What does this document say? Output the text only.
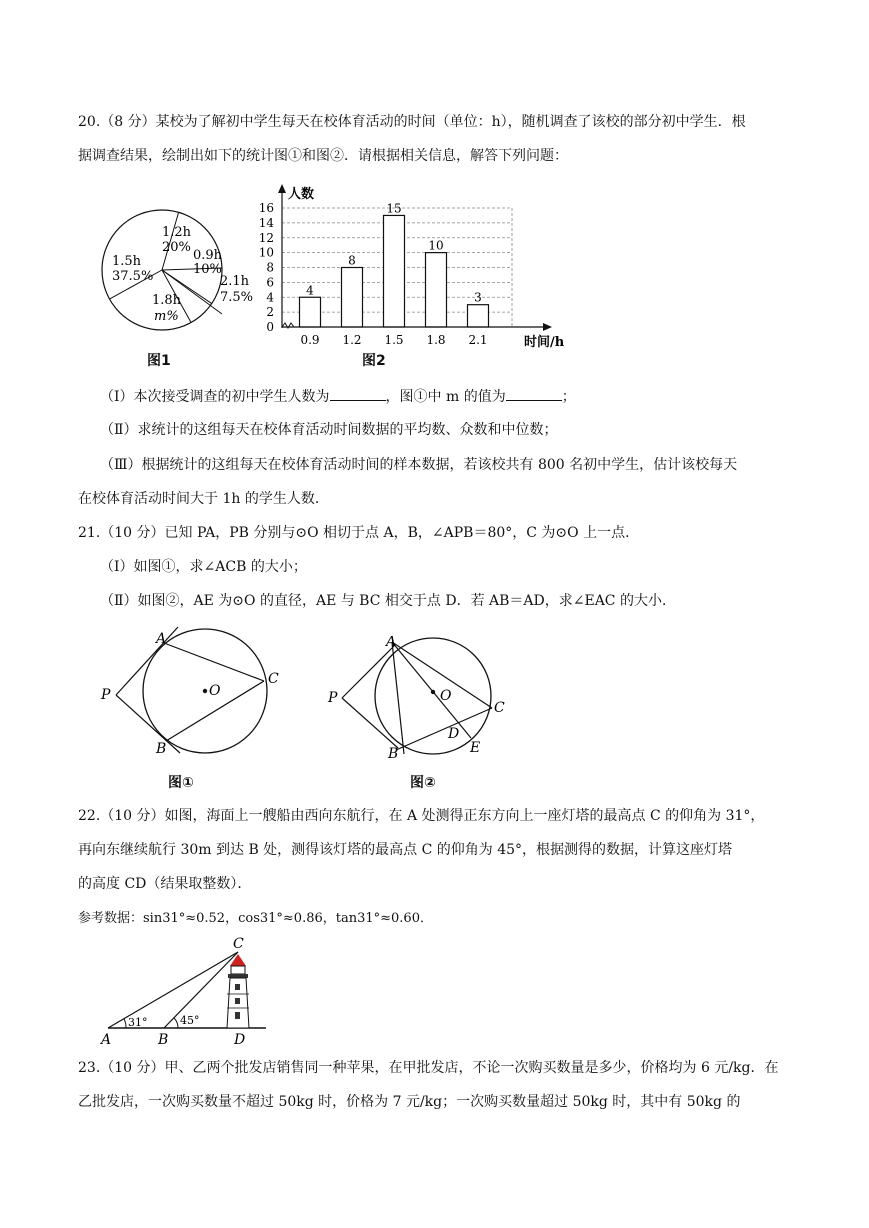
20.（8 分）某校为了解初中学生每天在校体育活动的时间（单位：h），随机调查了该校的部分初中学生．根
据调查结果，绘制出如下的统计图①和图②．请根据相关信息，解答下列问题：
1.2h
20%
0.9h
10%
2.1h
7.5%
1.8h
m%
1.5h
37.5%
图1
4
8
15
10
3
0
2
4
6
8
10
12
14
16
0.9 1.2 1.5 1.8 2.1
人数
时间/h
图2
（Ⅰ）本次接受调查的初中学生人数为	，图①中 m 的值为	；
（Ⅱ）求统计的这组每天在校体育活动时间数据的平均数、众数和中位数；
（Ⅲ）根据统计的这组每天在校体育活动时间的样本数据，若该校共有 800 名初中学生，估计该校每天
在校体育活动时间大于 1h 的学生人数．
21.（10 分）已知 PA，PB 分别与⊙O 相切于点 A，B，∠APB＝80°，C 为⊙O 上一点．
（Ⅰ）如图①，求∠ACB 的大小；
（Ⅱ）如图②，AE 为⊙O 的直径，AE 与 BC 相交于点 D．若 AB＝AD，求∠EAC 的大小．
A
B
C
P	O
图①
A
B
C
P	O
D
E
图②
22.（10 分）如图，海面上一艘船由西向东航行，在 A 处测得正东方向上一座灯塔的最高点 C 的仰角为 31°，
再向东继续航行 30m 到达 B 处，测得该灯塔的最高点 C 的仰角为 45°，根据测得的数据，计算这座灯塔
的高度 CD（结果取整数）．
参考数据：sin31°≈0.52，cos31°≈0.86，tan31°≈0.60．
C
A	B	D
31°	45°
23.（10 分）甲、乙两个批发店销售同一种苹果，在甲批发店，不论一次购买数量是多少，价格均为 6 元/kg．在
乙批发店，一次购买数量不超过 50kg 时，价格为 7 元/kg；一次购买数量超过 50kg 时，其中有 50kg 的
